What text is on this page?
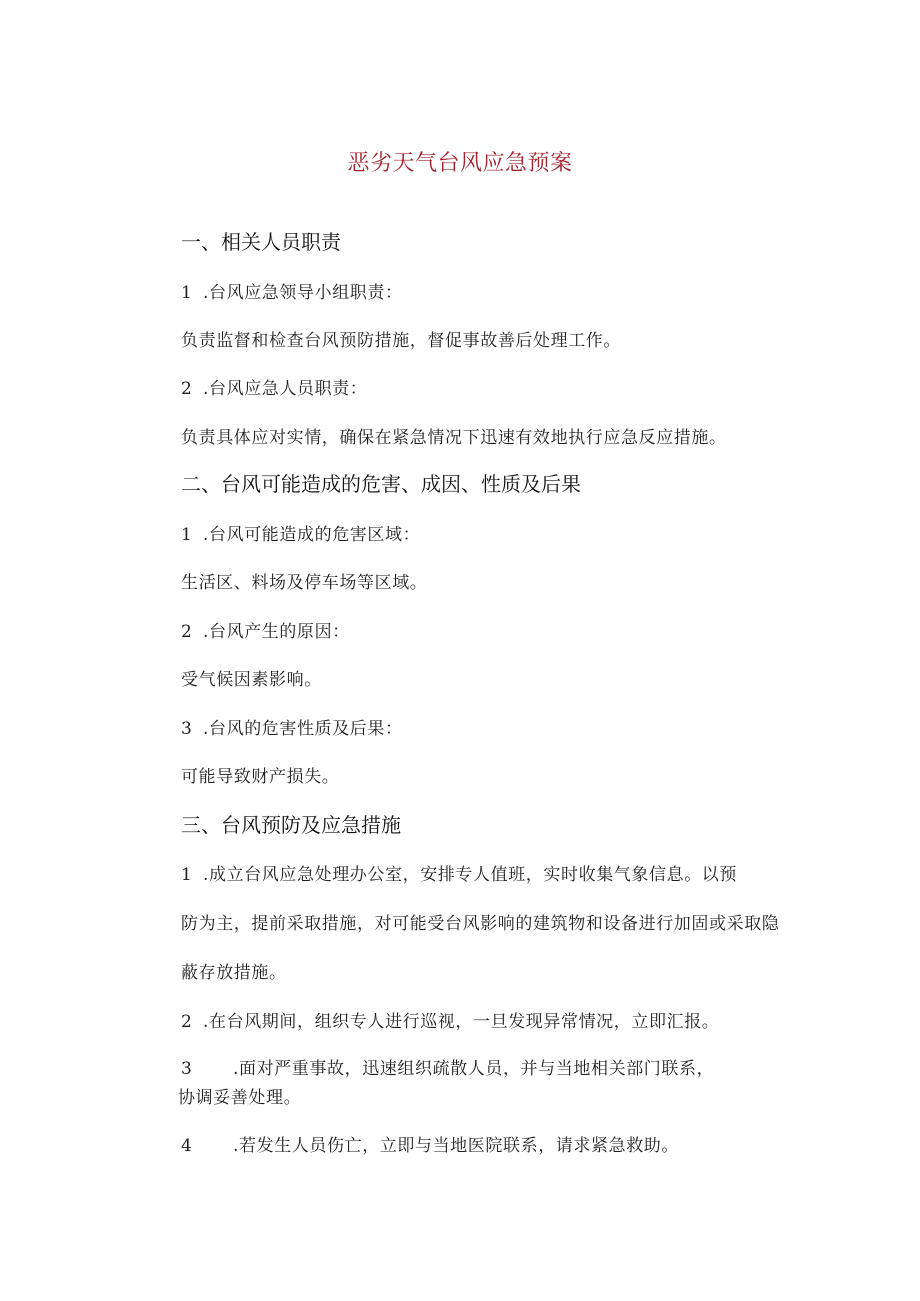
恶劣天气台风应急预案
一、相关人员职责
1 .台风应急领导小组职责：
负责监督和检查台风预防措施，督促事故善后处理工作。
2 .台风应急人员职责：
负责具体应对实情，确保在紧急情况下迅速有效地执行应急反应措施。
二、台风可能造成的危害、成因、性质及后果
1 .台风可能造成的危害区域：
生活区、料场及停车场等区域。
2 .台风产生的原因：
受气候因素影响。
3 .台风的危害性质及后果：
可能导致财产损失。
三、台风预防及应急措施
1 .成立台风应急处理办公室，安排专人值班，实时收集气象信息。以预
防为主，提前采取措施，对可能受台风影响的建筑物和设备进行加固或采取隐
蔽存放措施。
2 .在台风期间，组织专人进行巡视，一旦发现异常情况，立即汇报。
3 .面对严重事故，迅速组织疏散人员，并与当地相关部门联系，
协调妥善处理。
4 .若发生人员伤亡，立即与当地医院联系，请求紧急救助。
